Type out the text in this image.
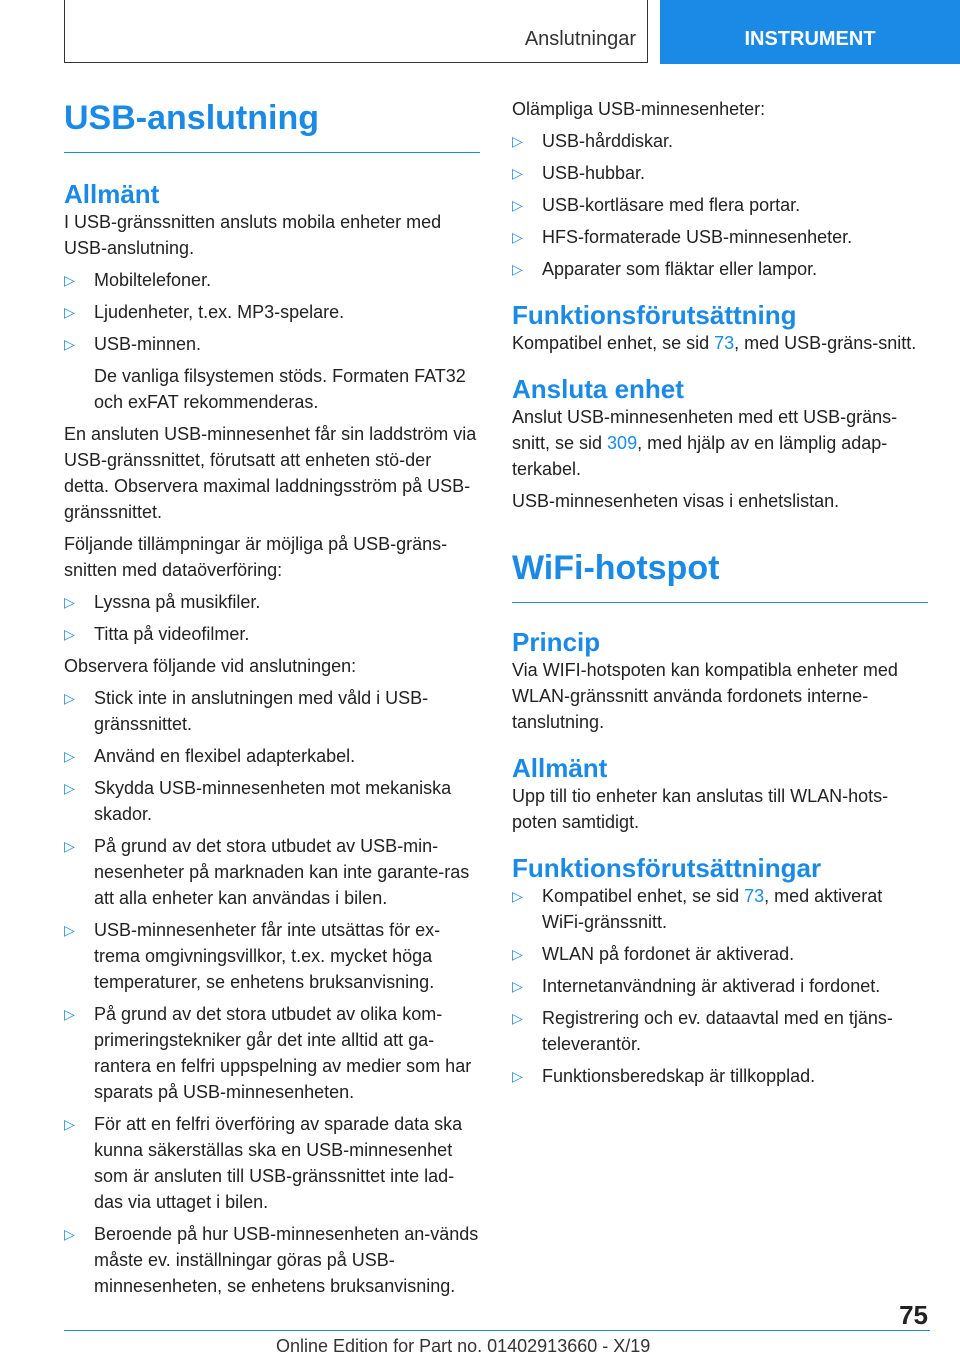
Anslutningar	INSTRUMENT
USB-anslutning
Allmänt

I USB-gränssnitten ansluts mobila enheter med USB-anslutning.

▷ Mobiltelefoner.
▷ Ljudenheter, t.ex. MP3-spelare.
▷ USB-minnen.
De vanliga filsystemen stöds. Formaten FAT32 och exFAT rekommenderas.

En ansluten USB-minnesenhet får sin laddström via USB-gränssnittet, förutsatt att enheten stö-der detta. Observera maximal laddningsström på USB-gränssnittet.

Följande tillämpningar är möjliga på USB-gräns-snitten med dataöverföring:

▷ Lyssna på musikfiler.
▷ Titta på videofilmer.

Observera följande vid anslutningen:

▷ Stick inte in anslutningen med våld i USB-gränssnittet.
▷ Använd en flexibel adapterkabel.
▷ Skydda USB-minnesenheten mot mekaniska skador.
▷ På grund av det stora utbudet av USB-min-nesenheter på marknaden kan inte garante-ras att alla enheter kan användas i bilen.
▷ USB-minnesenheter får inte utsättas för ex-trema omgivningsvillkor, t.ex. mycket höga temperaturer, se enhetens bruksanvisning.
▷ På grund av det stora utbudet av olika kom-primeringstekniker går det inte alltid att ga-rantera en felfri uppspelning av medier som har sparats på USB-minnesenheten.
▷ För att en felfri överföring av sparade data ska kunna säkerställas ska en USB-minnesenhet som är ansluten till USB-gränssnittet inte lad-das via uttaget i bilen.
▷ Beroende på hur USB-minnesenheten an-vänds måste ev. inställningar göras på USB-minnesenheten, se enhetens bruksanvisning.

Olämpliga USB-minnesenheter:

▷ USB-hårddiskar.
▷ USB-hubbar.
▷ USB-kortläsare med flera portar.
▷ HFS-formaterade USB-minnesenheter.
▷ Apparater som fläktar eller lampor.
Funktionsförutsättning

Kompatibel enhet, se sid 73, med USB-gräns-snitt.

Ansluta enhet

Anslut USB-minnesenheten med ett USB-gräns-snitt, se sid 309, med hjälp av en lämplig adap-terkabel.

USB-minnesenheten visas i enhetslistan.

WiFi-hotspot
Princip

Via WIFI-hotspoten kan kompatibla enheter med WLAN-gränssnitt använda fordonets interne-tanslutning.

Allmänt

Upp till tio enheter kan anslutas till WLAN-hots-poten samtidigt.

Funktionsförutsättningar
▷ Kompatibel enhet, se sid 73, med aktiverat WiFi-gränssnitt.
▷ WLAN på fordonet är aktiverad.
▷ Internetanvändning är aktiverad i fordonet.
▷ Registrering och ev. dataavtal med en tjäns-televerantör.
▷ Funktionsberedskap är tillkopplad.
75
Online Edition for Part no. 01402913660 - X/19
